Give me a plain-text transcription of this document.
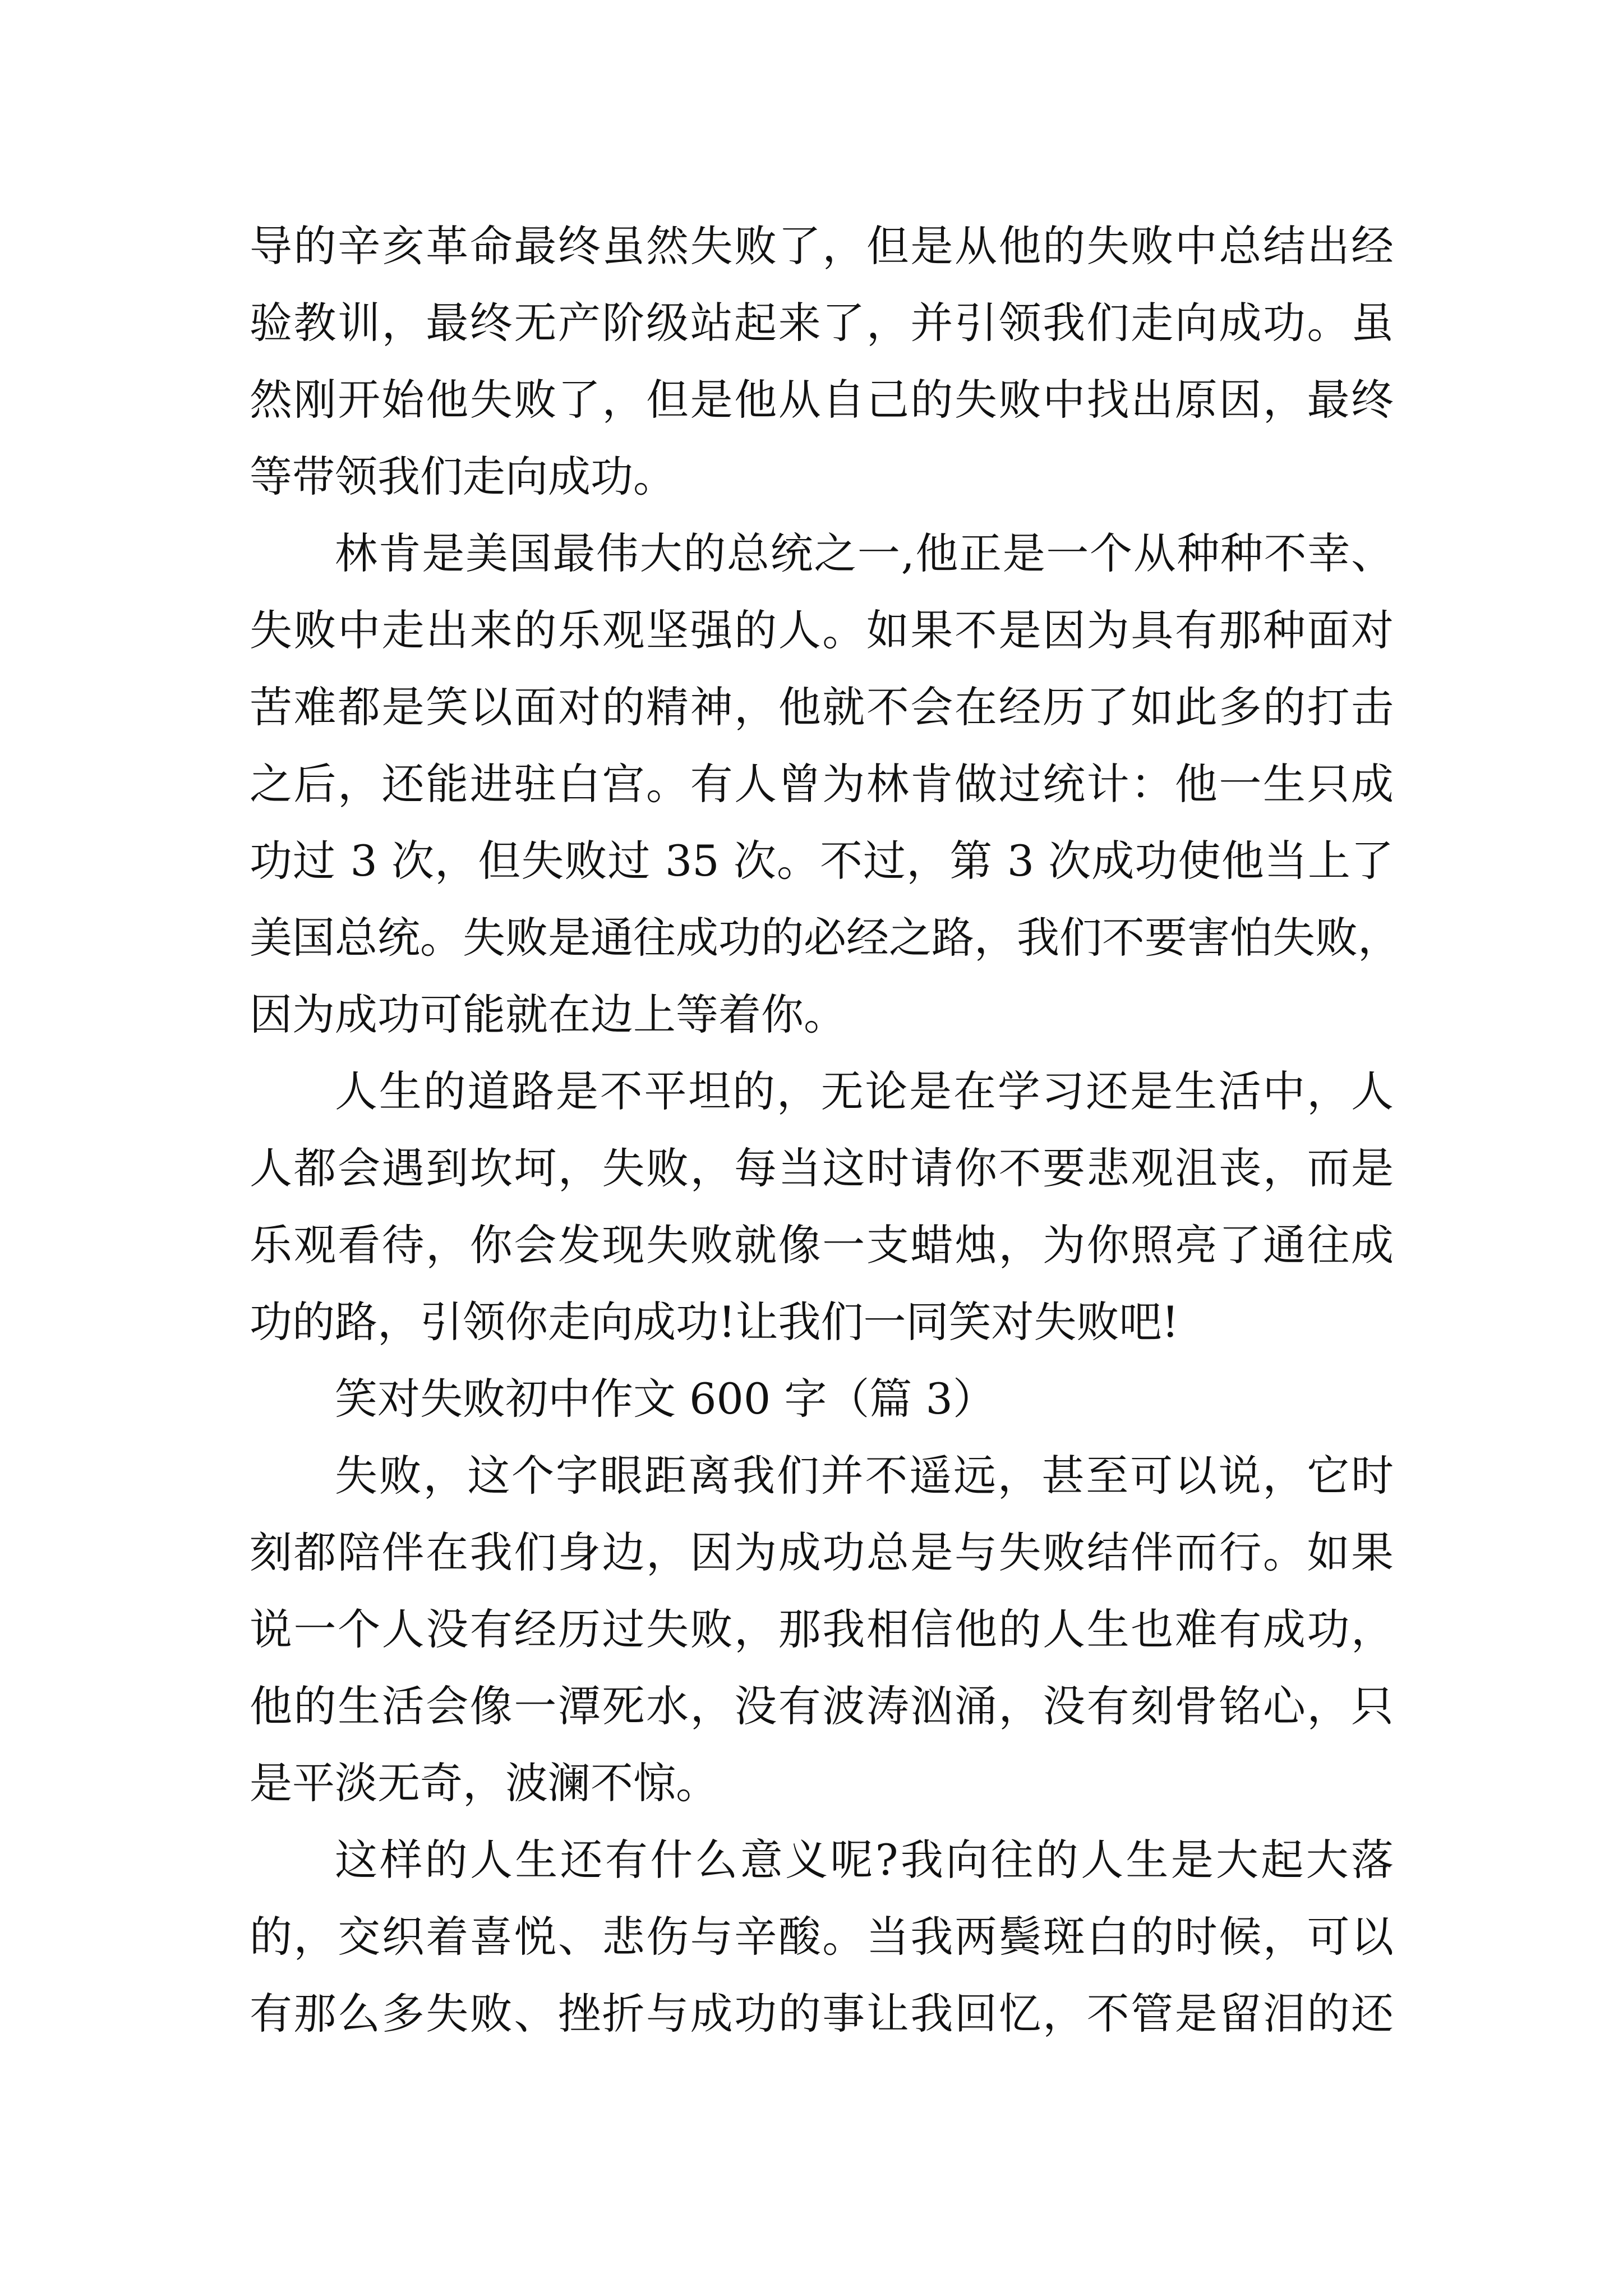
导的辛亥革命最终虽然失败了，但是从他的失败中总结出经
验教训，最终无产阶级站起来了，并引领我们走向成功。虽
然刚开始他失败了，但是他从自己的失败中找出原因，最终
等带领我们走向成功。
林肯是美国最伟大的总统之一,他正是一个从种种不幸、
失败中走出来的乐观坚强的人。如果不是因为具有那种面对
苦难都是笑以面对的精神，他就不会在经历了如此多的打击
之后，还能进驻白宫。有人曾为林肯做过统计：他一生只成
功过 3 次，但失败过 35 次。不过，第 3 次成功使他当上了
美国总统。失败是通往成功的必经之路，我们不要害怕失败，
因为成功可能就在边上等着你。
人生的道路是不平坦的，无论是在学习还是生活中，人
人都会遇到坎坷，失败，每当这时请你不要悲观沮丧，而是
乐观看待，你会发现失败就像一支蜡烛，为你照亮了通往成
功的路，引领你走向成功!让我们一同笑对失败吧!
笑对失败初中作文 600 字（篇 3）
失败，这个字眼距离我们并不遥远，甚至可以说，它时
刻都陪伴在我们身边，因为成功总是与失败结伴而行。如果
说一个人没有经历过失败，那我相信他的人生也难有成功，
他的生活会像一潭死水，没有波涛汹涌，没有刻骨铭心，只
是平淡无奇，波澜不惊。
这样的人生还有什么意义呢?我向往的人生是大起大落
的，交织着喜悦、悲伤与辛酸。当我两鬓斑白的时候，可以
有那么多失败、挫折与成功的事让我回忆，不管是留泪的还
